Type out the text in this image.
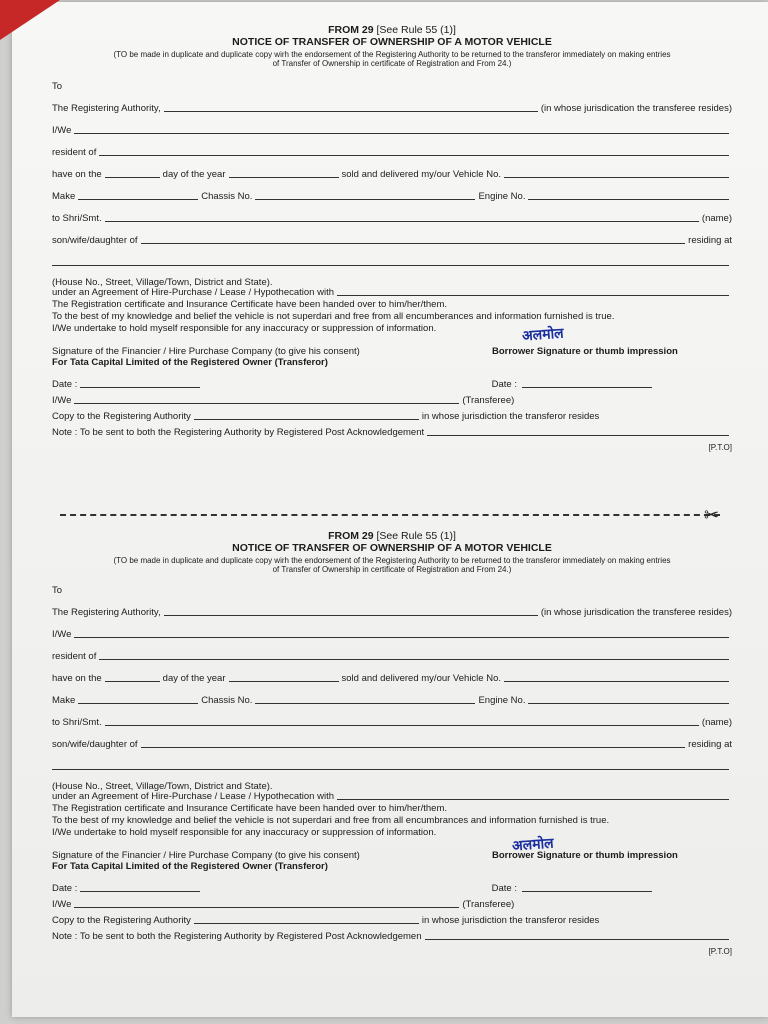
FROM 29 [See Rule 55 (1)]

NOTICE OF TRANSFER OF OWNERSHIP OF A MOTOR VEHICLE

(TO be made in duplicate and duplicate copy wirh the endorsement of the Registering Authority to be returned to the transferor immediately on making entries of Transfer of Ownership in certificate of Registration and From 24.)

To
The Registering Authority,	(in whose jurisdication the transferee resides)
I/We
resident of
have on the	day of the year	sold and delivered my/our Vehicle No.
Make	Chassis No.	Engine No.
to Shri/Smt.	(name)
son/wife/daughter of	residing at

(House No., Street, Village/Town, District and State).

under an Agreement of Hire-Purchase / Lease / Hypothecation with

The Registration certificate and Insurance Certificate have been handed over to him/her/them.

To the best of my knowledge and belief the vehicle is not superdari and free from all encumberances and information furnished is true.

I/We undertake to hold myself responsible for any inaccuracy or suppression of information.

Signature of the Financier / Hire Purchase Company (to give his consent)
For Tata Capital Limited of the Registered Owner (Transferor)
अलमोल
Borrower Signature or thumb impression
Date :	Date :
I/We	(Transferee)
Copy to the Registering Authority	in whose jurisdiction the transferor resides
Note : To be sent to both the Registering Authority by Registered Post Acknowledgement
[P.T.O]
✂

FROM 29 [See Rule 55 (1)]

NOTICE OF TRANSFER OF OWNERSHIP OF A MOTOR VEHICLE

(TO be made in duplicate and duplicate copy wirh the endorsement of the Registering Authority to be returned to the transferor immediately on making entries of Transfer of Ownership in certificate of Registration and From 24.)

To
The Registering Authority,	(in whose jurisdication the transferee resides)
I/We
resident of
have on the	day of the year	sold and delivered my/our Vehicle No.
Make	Chassis No.	Engine No.
to Shri/Smt.	(name)
son/wife/daughter of	residing at

(House No., Street, Village/Town, District and State).

under an Agreement of Hire-Purchase / Lease / Hypothecation with

The Registration certificate and Insurance Certificate have been handed over to him/her/them.

To the best of my knowledge and belief the vehicle is not superdari and free from all encumbrances and information furnished is true.

I/We undertake to hold myself responsible for any inaccuracy or suppression of information.

Signature of the Financier / Hire Purchase Company (to give his consent)
For Tata Capital Limited of the Registered Owner (Transferor)
अलमोल
Borrower Signature or thumb impression
Date :	Date :
I/We	(Transferee)
Copy to the Registering Authority	in whose jurisdiction the transferor resides
Note : To be sent to both the Registering Authority by Registered Post Acknowledgemen
[P.T.O]
